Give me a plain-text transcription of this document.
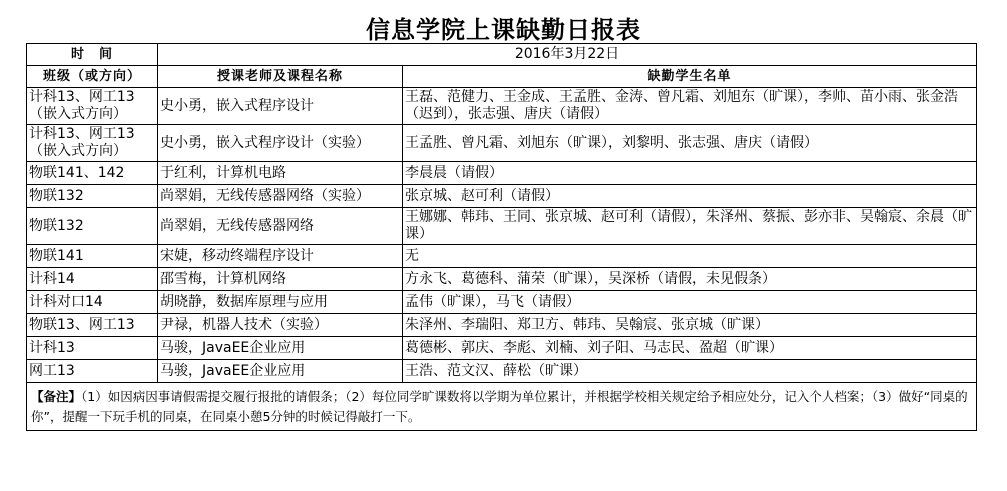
信息学院上课缺勤日报表
时　间	2016年3月22日	
班级（或方向）	授课老师及课程名称	缺勤学生名单
计科13、网工13（嵌入式方向）	史小勇，嵌入式程序设计	王磊、范健力、王金成、王孟胜、金涛、曾凡霜、刘旭东（旷课），李帅、苗小雨、张金浩（迟到），张志强、唐庆（请假）
计科13、网工13（嵌入式方向）	史小勇，嵌入式程序设计（实验）	王孟胜、曾凡霜、刘旭东（旷课），刘黎明、张志强、唐庆（请假）
物联141、142	于红利，计算机电路	李晨晨（请假）
物联132	尚翠娟，无线传感器网络（实验）	张京城、赵可利（请假）
物联132	尚翠娟，无线传感器网络	王娜娜、韩玮、王同、张京城、赵可利（请假），朱泽州、蔡振、彭亦非、吴翰宸、余晨（旷课）
物联141	宋婕，移动终端程序设计	无
计科14	邵雪梅，计算机网络	方永飞、葛德科、蒲荣（旷课），吴深桥（请假，未见假条）
计科对口14	胡晓静，数据库原理与应用	孟伟（旷课），马飞（请假）
物联13、网工13	尹禄，机器人技术（实验）	朱泽州、李瑞阳、郑卫方、韩玮、吴翰宸、张京城（旷课）
计科13	马骏，JavaEE企业应用	葛德彬、郭庆、李彪、刘楠、刘子阳、马志民、盈超（旷课）
网工13	马骏，JavaEE企业应用	王浩、范文汉、薛松（旷课）
【备注】（1）如因病因事请假需提交履行报批的请假条；（2）每位同学旷课数将以学期为单位累计，并根据学校相关规定给予相应处分，记入个人档案；（3）做好“同桌的你”，提醒一下玩手机的同桌，在同桌小憩5分钟的时候记得敲打一下。		
